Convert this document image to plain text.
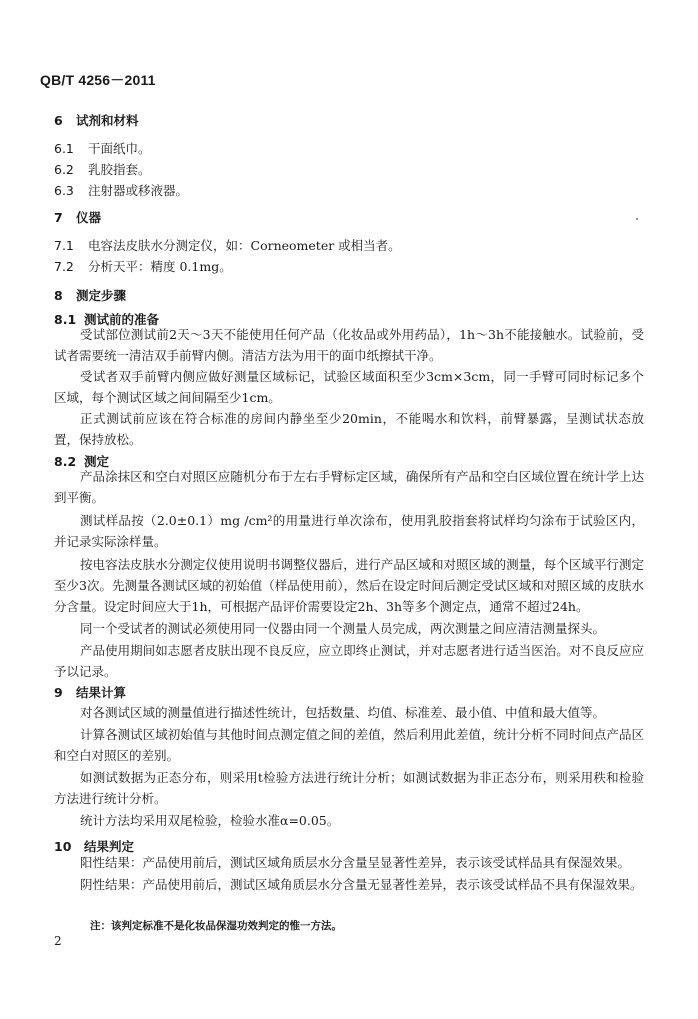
QB/T 4256－2011
6 试剂和材料
6.1 干面纸巾。
6.2 乳胶指套。
6.3 注射器或移液器。
7 仪器
7.1 电容法皮肤水分测定仪，如：Corneometer 或相当者。
7.2 分析天平：精度 0.1mg。
8 测定步骤
8.1 测试前的准备

受试部位测试前2天～3天不能使用任何产品（化妆品或外用药品），1h～3h不能接触水。试验前，受试者需要统一清洁双手前臂内侧。清洁方法为用干的面巾纸擦拭干净。

受试者双手前臂内侧应做好测量区域标记，试验区域面积至少3cm×3cm，同一手臂可同时标记多个区域，每个测试区域之间间隔至少1cm。

正式测试前应该在符合标准的房间内静坐至少20min，不能喝水和饮料，前臂暴露，呈测试状态放置，保持放松。

8.2 测定

产品涂抹区和空白对照区应随机分布于左右手臂标定区域，确保所有产品和空白区域位置在统计学上达到平衡。

测试样品按（2.0±0.1）mg /cm²的用量进行单次涂布，使用乳胶指套将试样均匀涂布于试验区内，并记录实际涂样量。

按电容法皮肤水分测定仪使用说明书调整仪器后，进行产品区域和对照区域的测量，每个区域平行测定至少3次。先测量各测试区域的初始值（样品使用前），然后在设定时间后测定受试区域和对照区域的皮肤水分含量。设定时间应大于1h，可根据产品评价需要设定2h、3h等多个测定点，通常不超过24h。

同一个受试者的测试必须使用同一仪器由同一个测量人员完成，两次测量之间应清洁测量探头。

产品使用期间如志愿者皮肤出现不良反应，应立即终止测试，并对志愿者进行适当医治。对不良反应应予以记录。

9 结果计算

对各测试区域的测量值进行描述性统计，包括数量、均值、标准差、最小值、中值和最大值等。

计算各测试区域初始值与其他时间点测定值之间的差值，然后利用此差值，统计分析不同时间点产品区和空白对照区的差别。

如测试数据为正态分布，则采用t检验方法进行统计分析；如测试数据为非正态分布，则采用秩和检验方法进行统计分析。

统计方法均采用双尾检验，检验水准α=0.05。

10 结果判定

阳性结果：产品使用前后，测试区域角质层水分含量呈显著性差异，表示该受试样品具有保湿效果。

阴性结果：产品使用前后，测试区域角质层水分含量无显著性差异，表示该受试样品不具有保湿效果。

注：该判定标准不是化妆品保湿功效判定的惟一方法。
2
